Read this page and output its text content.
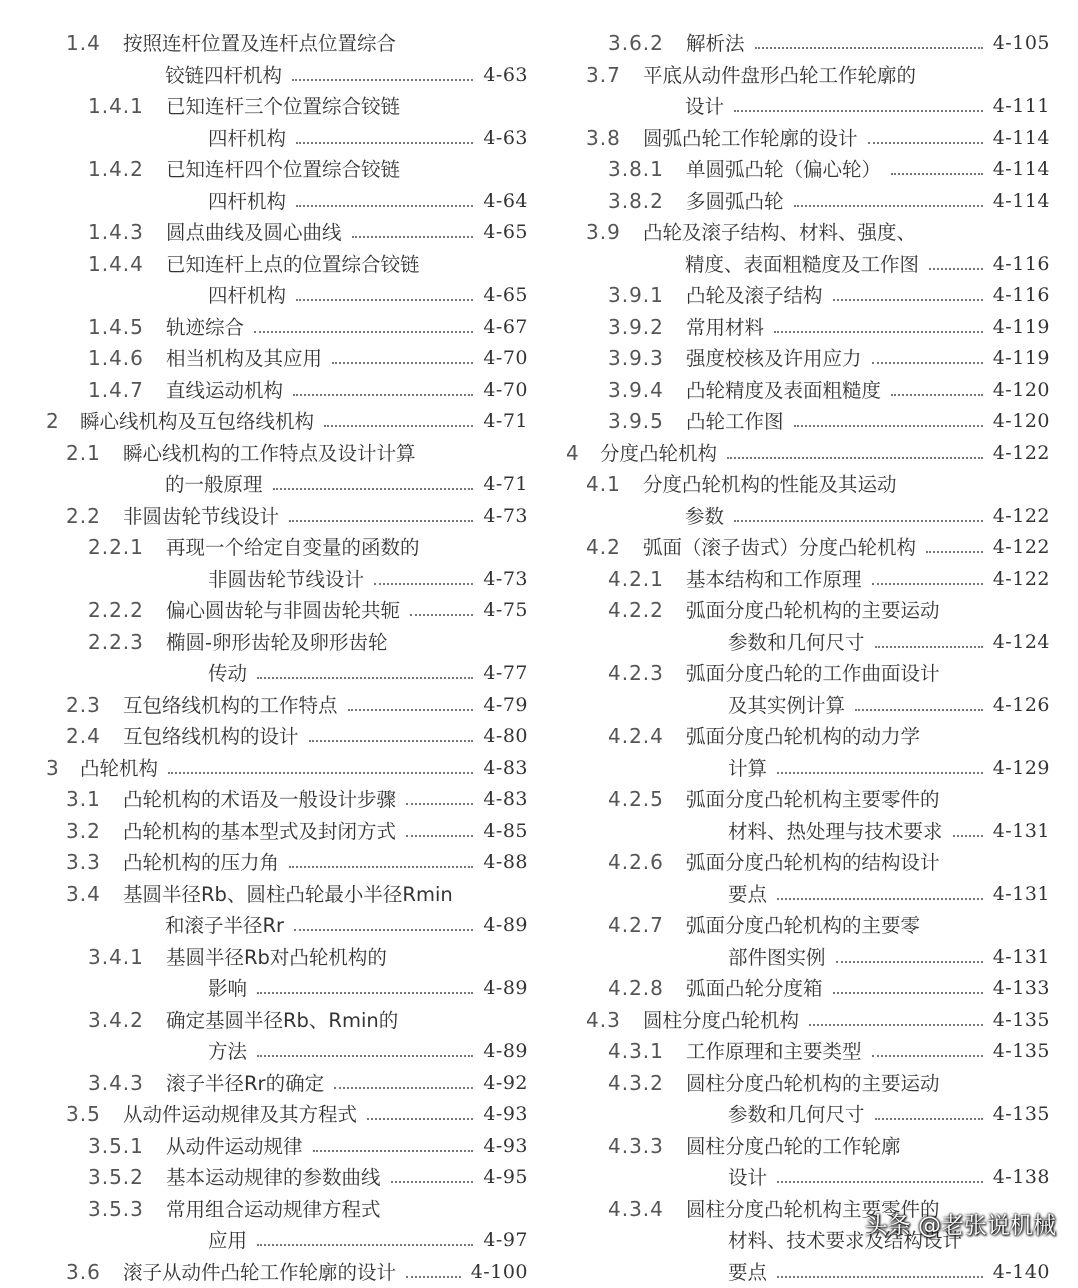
1.4 按照连杆位置及连杆点位置综合
铰链四杆机构	4-63
1.4.1 已知连杆三个位置综合铰链
四杆机构	4-63
1.4.2 已知连杆四个位置综合铰链
四杆机构	4-64
1.4.3 圆点曲线及圆心曲线	4-65
1.4.4 已知连杆上点的位置综合铰链
四杆机构	4-65
1.4.5 轨迹综合	4-67
1.4.6 相当机构及其应用	4-70
1.4.7 直线运动机构	4-70
2 瞬心线机构及互包络线机构	4-71
2.1 瞬心线机构的工作特点及设计计算
的一般原理	4-71
2.2 非圆齿轮节线设计	4-73
2.2.1 再现一个给定自变量的函数的
非圆齿轮节线设计	4-73
2.2.2 偏心圆齿轮与非圆齿轮共轭	4-75
2.2.3 椭圆-卵形齿轮及卵形齿轮
传动	4-77
2.3 互包络线机构的工作特点	4-79
2.4 互包络线机构的设计	4-80
3 凸轮机构	4-83
3.1 凸轮机构的术语及一般设计步骤	4-83
3.2 凸轮机构的基本型式及封闭方式	4-85
3.3 凸轮机构的压力角	4-88
3.4 基圆半径Rb、圆柱凸轮最小半径Rmin
和滚子半径Rr	4-89
3.4.1 基圆半径Rb对凸轮机构的
影响	4-89
3.4.2 确定基圆半径Rb、Rmin的
方法	4-89
3.4.3 滚子半径Rr的确定	4-92
3.5 从动件运动规律及其方程式	4-93
3.5.1 从动件运动规律	4-93
3.5.2 基本运动规律的参数曲线	4-95
3.5.3 常用组合运动规律方程式
应用	4-97
3.6 滚子从动件凸轮工作轮廓的设计	4-100
3.6.2 解析法	4-105
3.7 平底从动件盘形凸轮工作轮廓的
设计	4-111
3.8 圆弧凸轮工作轮廓的设计	4-114
3.8.1 单圆弧凸轮（偏心轮）	4-114
3.8.2 多圆弧凸轮	4-114
3.9 凸轮及滚子结构、材料、强度、
精度、表面粗糙度及工作图	4-116
3.9.1 凸轮及滚子结构	4-116
3.9.2 常用材料	4-119
3.9.3 强度校核及许用应力	4-119
3.9.4 凸轮精度及表面粗糙度	4-120
3.9.5 凸轮工作图	4-120
4 分度凸轮机构	4-122
4.1 分度凸轮机构的性能及其运动
参数	4-122
4.2 弧面（滚子齿式）分度凸轮机构	4-122
4.2.1 基本结构和工作原理	4-122
4.2.2 弧面分度凸轮机构的主要运动
参数和几何尺寸	4-124
4.2.3 弧面分度凸轮的工作曲面设计
及其实例计算	4-126
4.2.4 弧面分度凸轮机构的动力学
计算	4-129
4.2.5 弧面分度凸轮机构主要零件的
材料、热处理与技术要求	4-131
4.2.6 弧面分度凸轮机构的结构设计
要点	4-131
4.2.7 弧面分度凸轮机构的主要零
部件图实例	4-131
4.2.8 弧面凸轮分度箱	4-133
4.3 圆柱分度凸轮机构	4-135
4.3.1 工作原理和主要类型	4-135
4.3.2 圆柱分度凸轮机构的主要运动
参数和几何尺寸	4-135
4.3.3 圆柱分度凸轮的工作轮廓
设计	4-138
4.3.4 圆柱分度凸轮机构主要零件的
材料、技术要求及结构设计
要点	4-140
头条 @老张说机械
